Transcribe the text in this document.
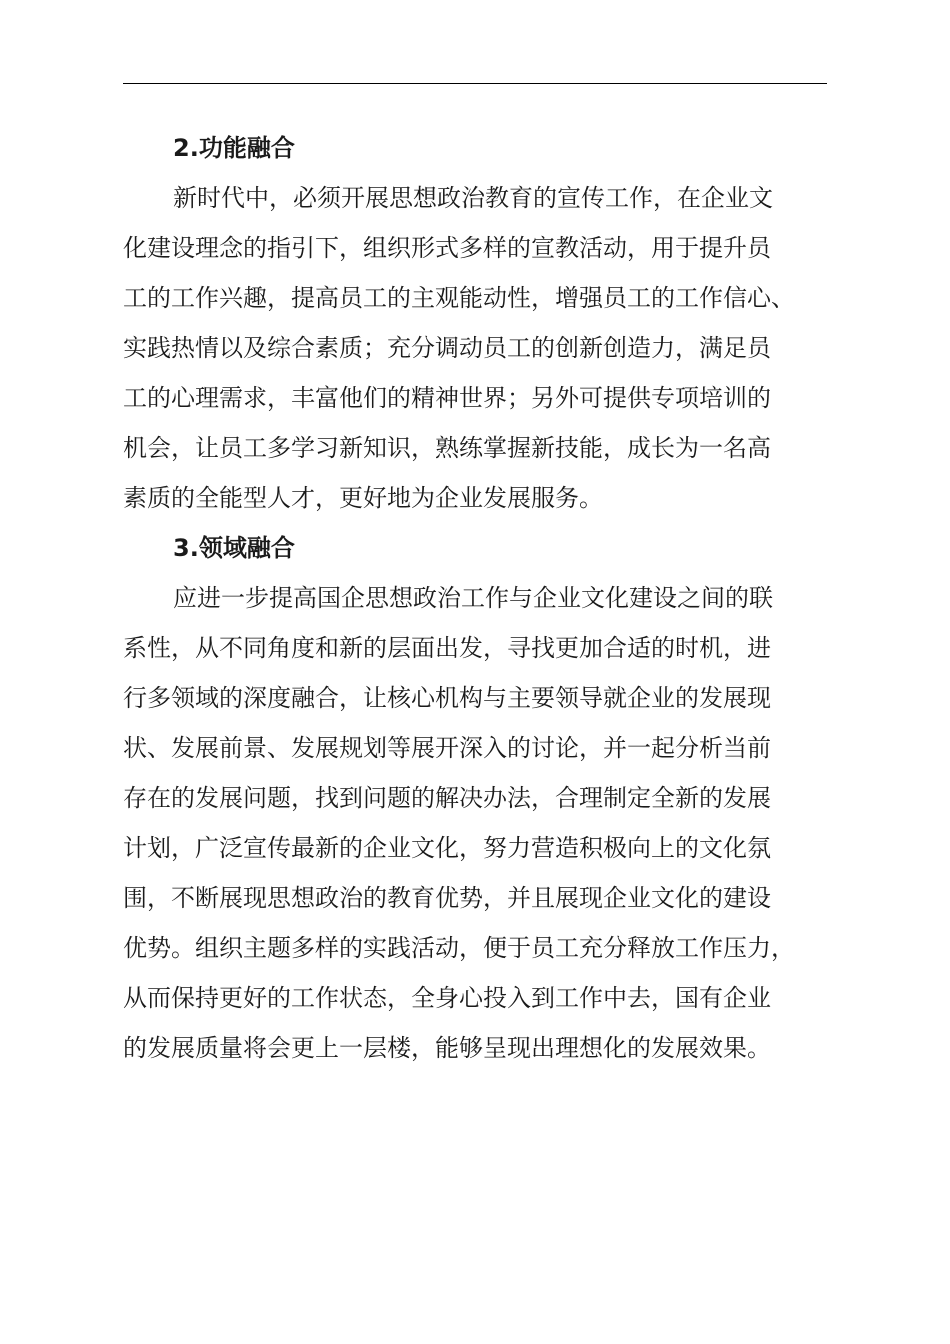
2.功能融合

新时代中，必须开展思想政治教育的宣传工作，在企业文
化建设理念的指引下，组织形式多样的宣教活动，用于提升员
工的工作兴趣，提高员工的主观能动性，增强员工的工作信心、
实践热情以及综合素质；充分调动员工的创新创造力，满足员
工的心理需求，丰富他们的精神世界；另外可提供专项培训的
机会，让员工多学习新知识，熟练掌握新技能，成长为一名高
素质的全能型人才，更好地为企业发展服务。

3.领域融合

应进一步提高国企思想政治工作与企业文化建设之间的联
系性，从不同角度和新的层面出发，寻找更加合适的时机，进
行多领域的深度融合，让核心机构与主要领导就企业的发展现
状、发展前景、发展规划等展开深入的讨论，并一起分析当前
存在的发展问题，找到问题的解决办法，合理制定全新的发展
计划，广泛宣传最新的企业文化，努力营造积极向上的文化氛
围，不断展现思想政治的教育优势，并且展现企业文化的建设
优势。组织主题多样的实践活动，便于员工充分释放工作压力，
从而保持更好的工作状态，全身心投入到工作中去，国有企业
的发展质量将会更上一层楼，能够呈现出理想化的发展效果。
